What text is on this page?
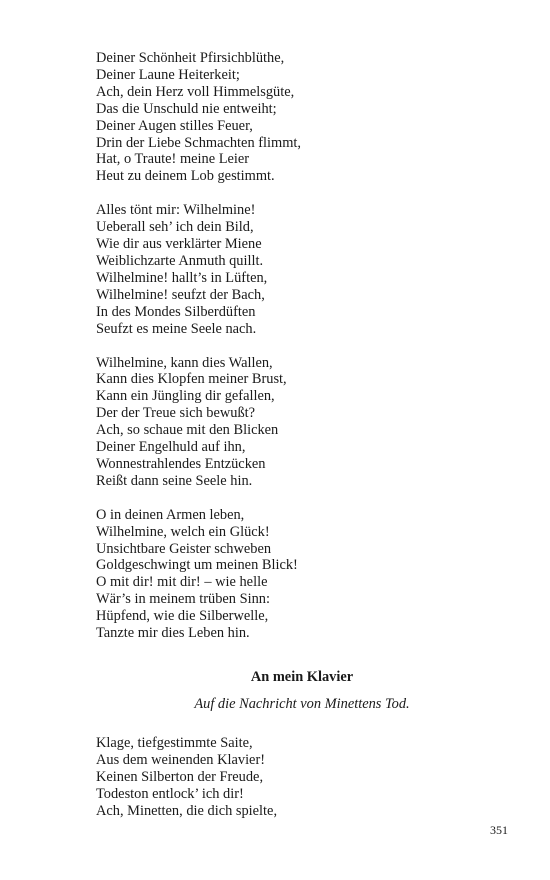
Deiner Schönheit Pfirsichblüthe,
Deiner Laune Heiterkeit;
Ach, dein Herz voll Himmelsgüte,
Das die Unschuld nie entweiht;
Deiner Augen stilles Feuer,
Drin der Liebe Schmachten flimmt,
Hat, o Traute! meine Leier
Heut zu deinem Lob gestimmt.
Alles tönt mir: Wilhelmine!
Ueberall seh’ ich dein Bild,
Wie dir aus verklärter Miene
Weiblichzarte Anmuth quillt.
Wilhelmine! hallt’s in Lüften,
Wilhelmine! seufzt der Bach,
In des Mondes Silberdüften
Seufzt es meine Seele nach.
Wilhelmine, kann dies Wallen,
Kann dies Klopfen meiner Brust,
Kann ein Jüngling dir gefallen,
Der der Treue sich bewußt?
Ach, so schaue mit den Blicken
Deiner Engelhuld auf ihn,
Wonnestrahlendes Entzücken
Reißt dann seine Seele hin.
O in deinen Armen leben,
Wilhelmine, welch ein Glück!
Unsichtbare Geister schweben
Goldgeschwingt um meinen Blick!
O mit dir! mit dir! – wie helle
Wär’s in meinem trüben Sinn:
Hüpfend, wie die Silberwelle,
Tanzte mir dies Leben hin.
An mein Klavier
Auf die Nachricht von Minettens Tod.
Klage, tiefgestimmte Saite,
Aus dem weinenden Klavier!
Keinen Silberton der Freude,
Todeston entlock’ ich dir!
Ach, Minetten, die dich spielte,
351
